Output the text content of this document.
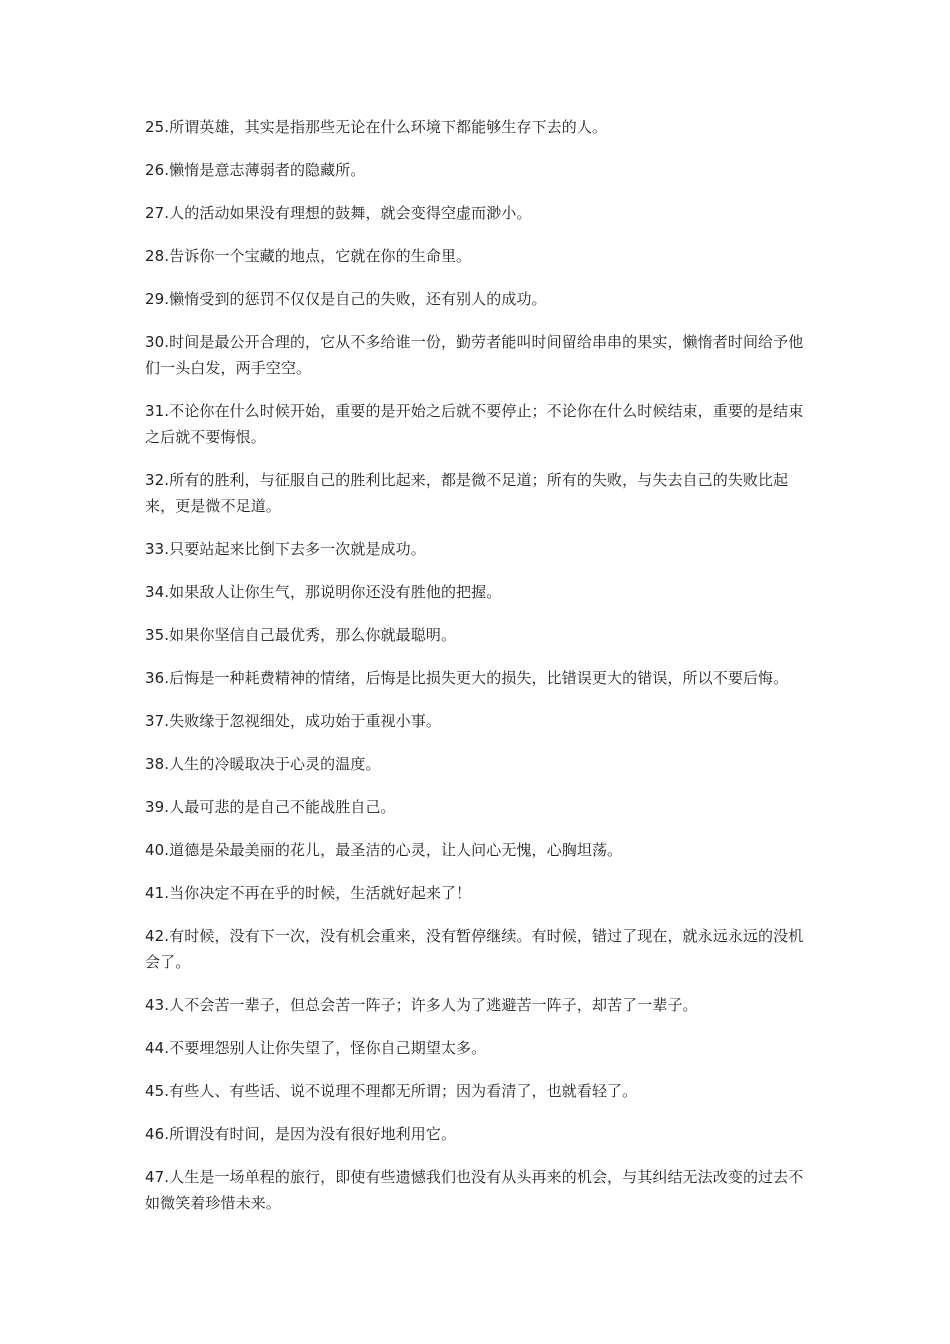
25.所谓英雄，其实是指那些无论在什么环境下都能够生存下去的人。

26.懒惰是意志薄弱者的隐藏所。

27.人的活动如果没有理想的鼓舞，就会变得空虚而渺小。

28.告诉你一个宝藏的地点，它就在你的生命里。

29.懒惰受到的惩罚不仅仅是自己的失败，还有别人的成功。

30.时间是最公开合理的，它从不多给谁一份，勤劳者能叫时间留给串串的果实，懒惰者时间给予他们一头白发，两手空空。

31.不论你在什么时候开始，重要的是开始之后就不要停止；不论你在什么时候结束，重要的是结束之后就不要悔恨。

32.所有的胜利，与征服自己的胜利比起来，都是微不足道；所有的失败，与失去自己的失败比起来，更是微不足道。

33.只要站起来比倒下去多一次就是成功。

34.如果敌人让你生气，那说明你还没有胜他的把握。

35.如果你坚信自己最优秀，那么你就最聪明。

36.后悔是一种耗费精神的情绪，后悔是比损失更大的损失，比错误更大的错误，所以不要后悔。

37.失败缘于忽视细处，成功始于重视小事。

38.人生的冷暖取决于心灵的温度。

39.人最可悲的是自己不能战胜自己。

40.道德是朵最美丽的花儿，最圣洁的心灵，让人问心无愧，心胸坦荡。

41.当你决定不再在乎的时候，生活就好起来了！

42.有时候，没有下一次，没有机会重来，没有暂停继续。有时候，错过了现在，就永远永远的没机会了。

43.人不会苦一辈子，但总会苦一阵子；许多人为了逃避苦一阵子，却苦了一辈子。

44.不要埋怨别人让你失望了，怪你自己期望太多。

45.有些人、有些话、说不说理不理都无所谓；因为看清了，也就看轻了。

46.所谓没有时间，是因为没有很好地利用它。

47.人生是一场单程的旅行，即使有些遗憾我们也没有从头再来的机会，与其纠结无法改变的过去不如微笑着珍惜未来。
